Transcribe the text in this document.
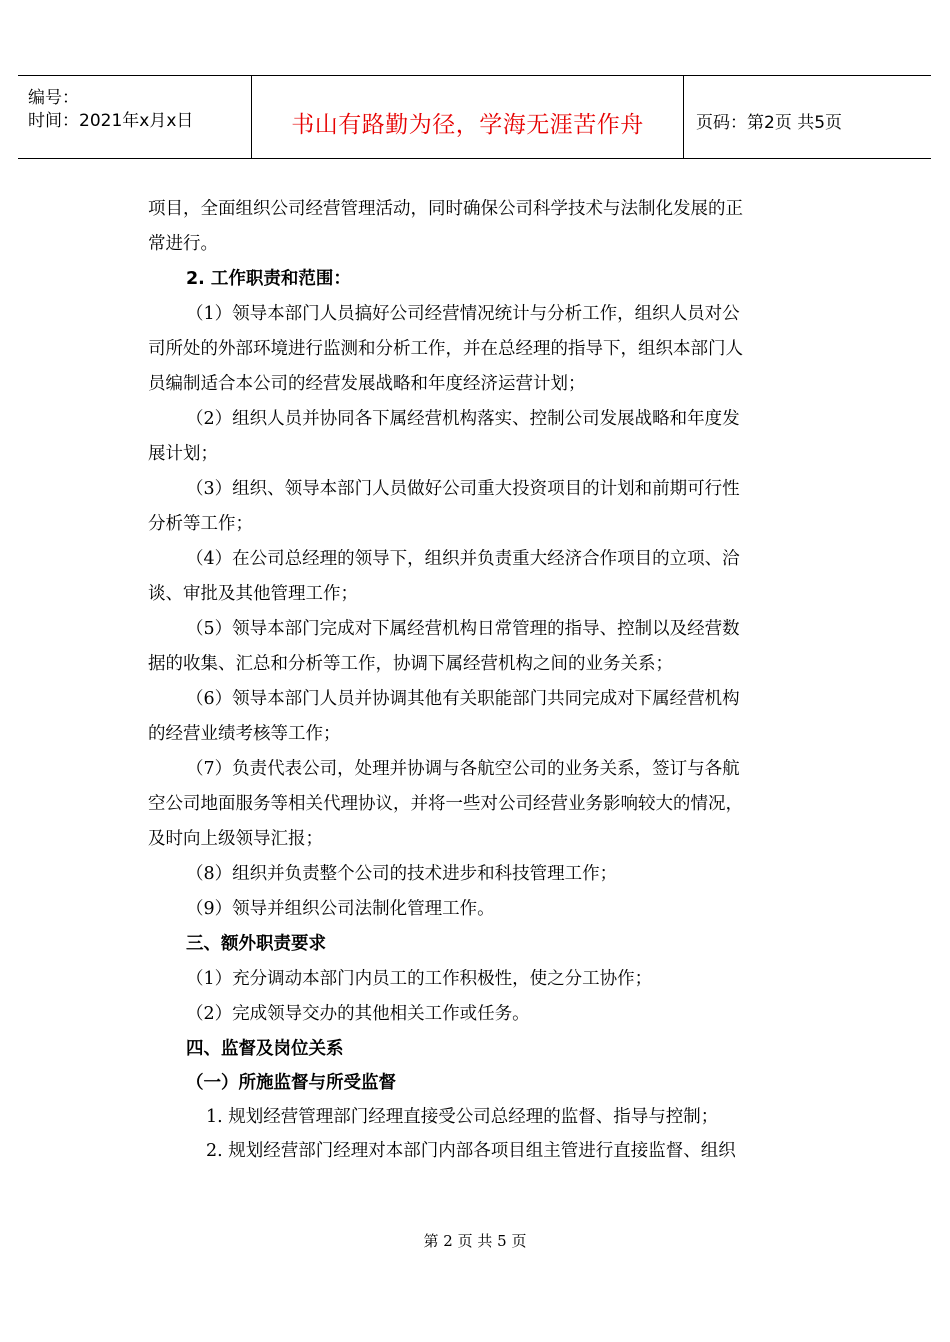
编号：
时间：2021年x月x日	书山有路勤为径，学海无涯苦作舟	页码：第2页 共5页
项目，全面组织公司经营管理活动，同时确保公司科学技术与法制化发展的正
常进行。
2. 工作职责和范围：
（1）领导本部门人员搞好公司经营情况统计与分析工作，组织人员对公
司所处的外部环境进行监测和分析工作，并在总经理的指导下，组织本部门人
员编制适合本公司的经营发展战略和年度经济运营计划；
（2）组织人员并协同各下属经营机构落实、控制公司发展战略和年度发
展计划；
（3）组织、领导本部门人员做好公司重大投资项目的计划和前期可行性
分析等工作；
（4）在公司总经理的领导下，组织并负责重大经济合作项目的立项、洽
谈、审批及其他管理工作；
（5）领导本部门完成对下属经营机构日常管理的指导、控制以及经营数
据的收集、汇总和分析等工作，协调下属经营机构之间的业务关系；
（6）领导本部门人员并协调其他有关职能部门共同完成对下属经营机构
的经营业绩考核等工作；
（7）负责代表公司，处理并协调与各航空公司的业务关系，签订与各航
空公司地面服务等相关代理协议，并将一些对公司经营业务影响较大的情况，
及时向上级领导汇报；
（8）组织并负责整个公司的技术进步和科技管理工作；
（9）领导并组织公司法制化管理工作。
三、额外职责要求
（1）充分调动本部门内员工的工作积极性，使之分工协作；
（2）完成领导交办的其他相关工作或任务。
四、监督及岗位关系
（一）所施监督与所受监督
1. 规划经营管理部门经理直接受公司总经理的监督、指导与控制；
2. 规划经营部门经理对本部门内部各项目组主管进行直接监督、组织
第 2 页 共 5 页
